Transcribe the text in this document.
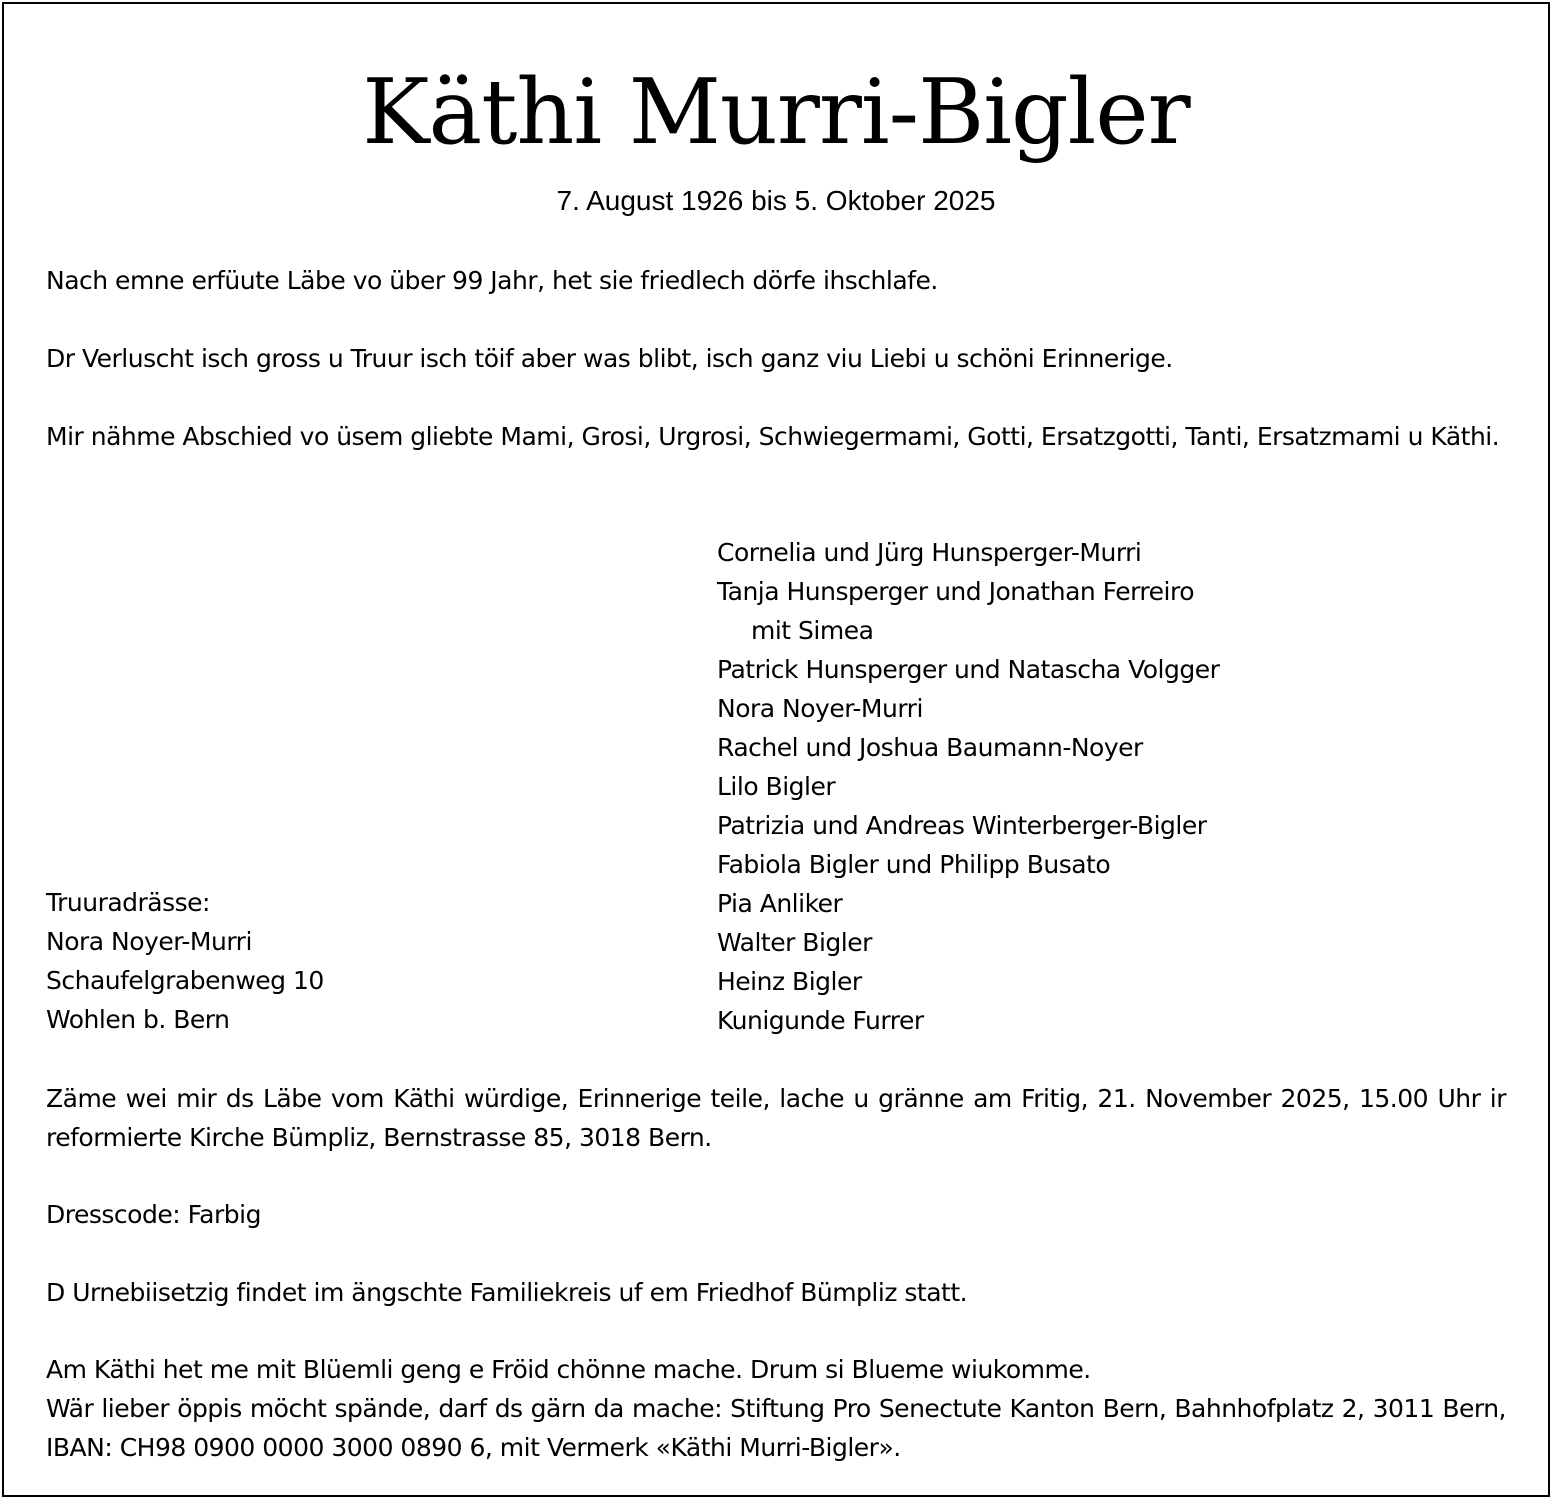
Käthi Murri-Bigler
7. August 1926 bis 5. Oktober 2025
Nach emne erfüute Läbe vo über 99 Jahr, het sie friedlech dörfe ihschlafe.
Dr Verluscht isch gross u Truur isch töif aber was blibt, isch ganz viu Liebi u schöni Erinnerige.
Mir nähme Abschied vo üsem gliebte Mami, Grosi, Urgrosi, Schwiegermami, Gotti, Ersatzgotti, Tanti, Ersatzmami u Käthi.
Cornelia und Jürg Hunsperger-Murri
Tanja Hunsperger und Jonathan Ferreiro
mit Simea
Patrick Hunsperger und Natascha Volgger
Nora Noyer-Murri
Rachel und Joshua Baumann-Noyer
Lilo Bigler
Patrizia und Andreas Winterberger-Bigler
Fabiola Bigler und Philipp Busato
Pia Anliker
Walter Bigler
Heinz Bigler
Kunigunde Furrer
Truuradrässe:
Nora Noyer-Murri
Schaufelgrabenweg 10
Wohlen b. Bern
Zäme wei mir ds Läbe vom Käthi würdige, Erinnerige teile, lache u gränne am Fritig, 21. November 2025, 15.00 Uhr ir reformierte Kirche Bümpliz, Bernstrasse 85, 3018 Bern.
Dresscode: Farbig
D Urnebiisetzig findet im ängschte Familiekreis uf em Friedhof Bümpliz statt.
Am Käthi het me mit Blüemli geng e Fröid chönne mache. Drum si Blueme wiukomme.
Wär lieber öppis möcht spände, darf ds gärn da mache: Stiftung Pro Senectute Kanton Bern, Bahnhofplatz 2, 3011 Bern, IBAN: CH98 0900 0000 3000 0890 6, mit Vermerk «Käthi Murri-Bigler».
